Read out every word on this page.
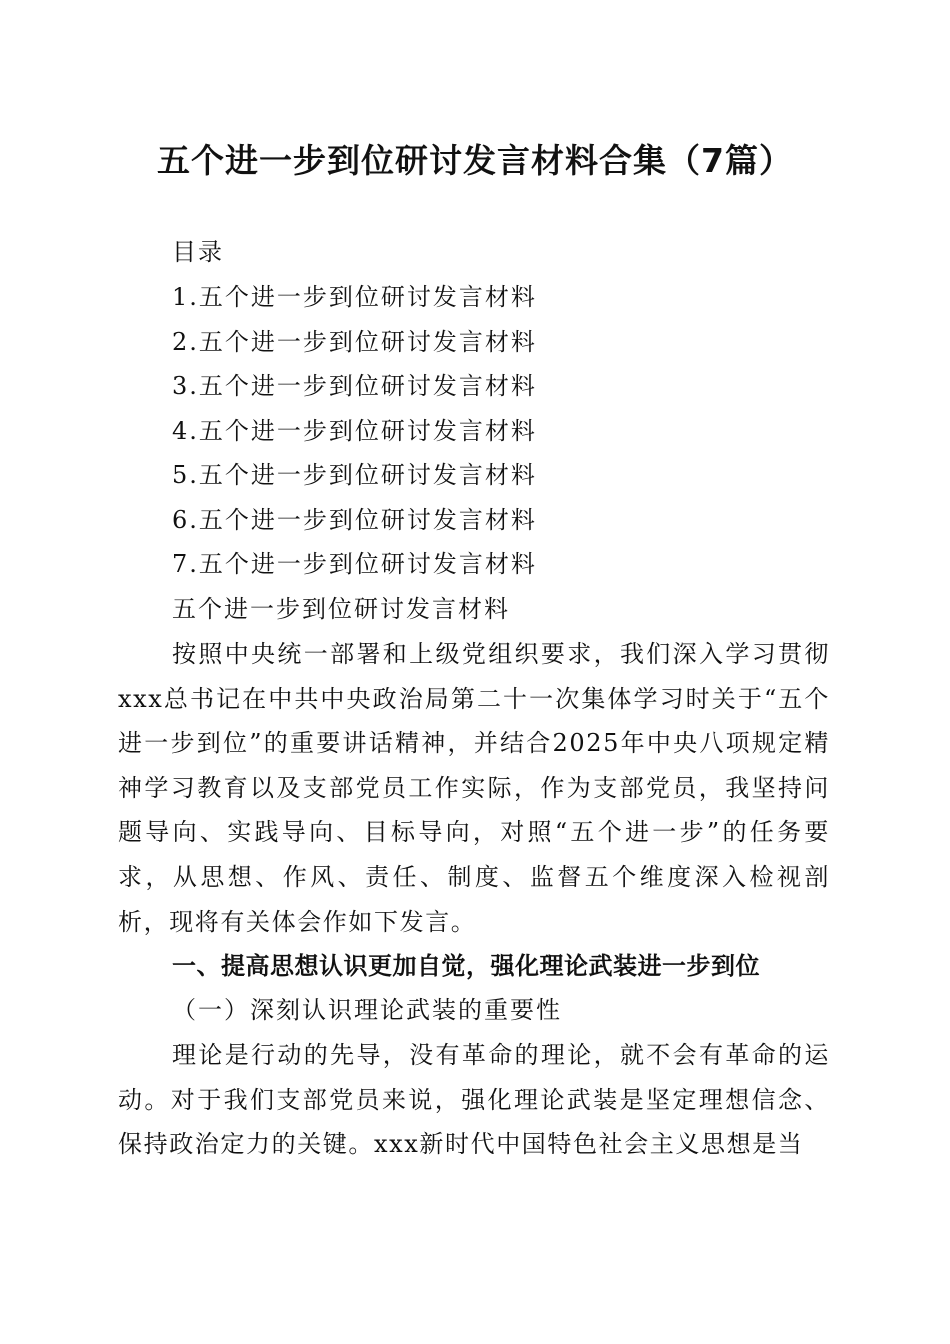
五个进一步到位研讨发言材料合集（7篇）
目录
1.五个进一步到位研讨发言材料
2.五个进一步到位研讨发言材料
3.五个进一步到位研讨发言材料
4.五个进一步到位研讨发言材料
5.五个进一步到位研讨发言材料
6.五个进一步到位研讨发言材料
7.五个进一步到位研讨发言材料
五个进一步到位研讨发言材料

按照中央统一部署和上级党组织要求，我们深入学习贯彻xxx总书记在中共中央政治局第二十一次集体学习时关于“五个进一步到位”的重要讲话精神，并结合2025年中央八项规定精神学习教育以及支部党员工作实际，作为支部党员，我坚持问题导向、实践导向、目标导向，对照“五个进一步”的任务要求，从思想、作风、责任、制度、监督五个维度深入检视剖析，现将有关体会作如下发言。

一、提高思想认识更加自觉，强化理论武装进一步到位
（一）深刻认识理论武装的重要性

理论是行动的先导，没有革命的理论，就不会有革命的运动。对于我们支部党员来说，强化理论武装是坚定理想信念、保持政治定力的关键。xxx新时代中国特色社会主义思想是当
